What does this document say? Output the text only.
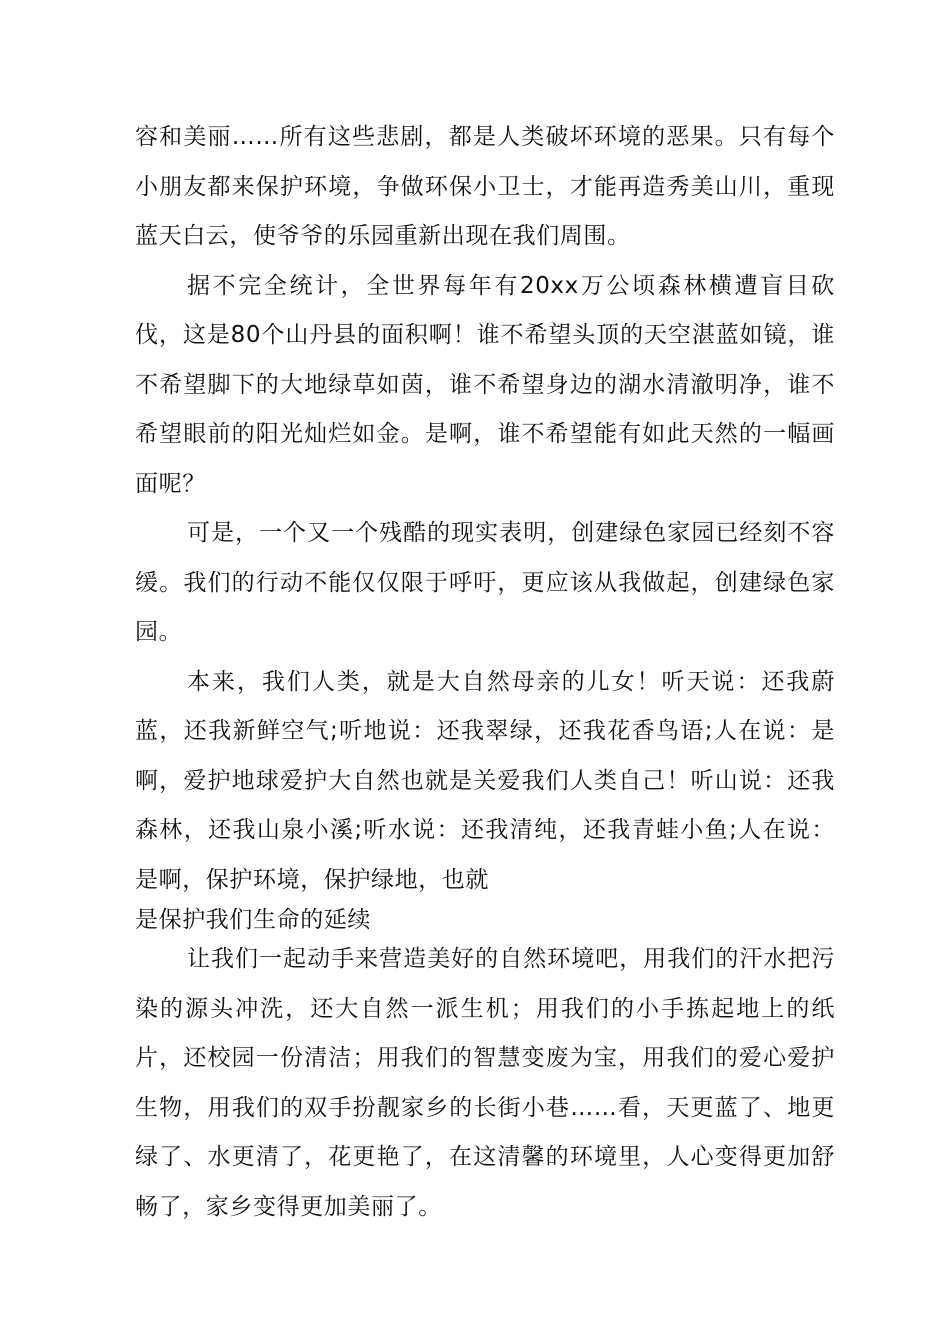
容和美丽……所有这些悲剧，都是人类破坏环境的恶果。只有每个小朋友都来保护环境，争做环保小卫士，才能再造秀美山川，重现蓝天白云，使爷爷的乐园重新出现在我们周围。

据不完全统计，全世界每年有20xx万公顷森林横遭盲目砍伐，这是80个山丹县的面积啊！谁不希望头顶的天空湛蓝如镜，谁不希望脚下的大地绿草如茵，谁不希望身边的湖水清澈明净，谁不希望眼前的阳光灿烂如金。是啊，谁不希望能有如此天然的一幅画面呢？

可是，一个又一个残酷的现实表明，创建绿色家园已经刻不容缓。我们的行动不能仅仅限于呼吁，更应该从我做起，创建绿色家园。

本来，我们人类，就是大自然母亲的儿女！听天说：还我蔚蓝，还我新鲜空气;听地说：还我翠绿，还我花香鸟语;人在说：是啊，爱护地球爱护大自然也就是关爱我们人类自己！听山说：还我森林，还我山泉小溪;听水说：还我清纯，还我青蛙小鱼;人在说：是啊，保护环境，保护绿地，也就

是保护我们生命的延续

让我们一起动手来营造美好的自然环境吧，用我们的汗水把污染的源头冲洗，还大自然一派生机；用我们的小手拣起地上的纸片，还校园一份清洁；用我们的智慧变废为宝，用我们的爱心爱护生物，用我们的双手扮靓家乡的长街小巷……看，天更蓝了、地更绿了、水更清了，花更艳了，在这清馨的环境里，人心变得更加舒畅了，家乡变得更加美丽了。
